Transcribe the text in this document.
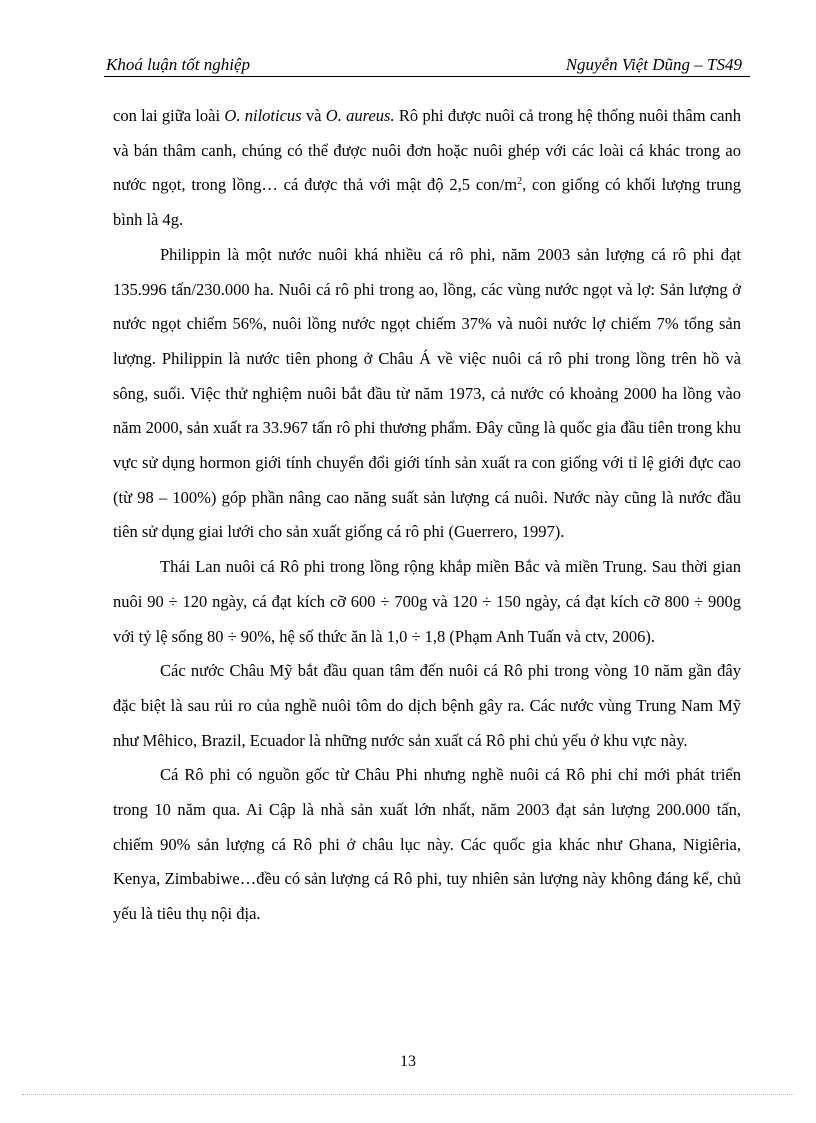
Khoá luận tốt nghiệp	Nguyễn Việt Dũng – TS49

con lai giữa loài O. niloticus và O. aureus. Rô phi được nuôi cả trong hệ thống nuôi thâm canh và bán thâm canh, chúng có thể được nuôi đơn hoặc nuôi ghép với các loài cá khác trong ao nước ngọt, trong lồng… cá được thả với mật độ 2,5 con/$m^2$, con giống có khối lượng trung bình là 4g.

Philippin là một nước nuôi khá nhiều cá rô phi, năm 2003 sản lượng cá rô phi đạt 135.996 tấn/230.000 ha. Nuôi cá rô phi trong ao, lồng, các vùng nước ngọt và lợ: Sản lượng ở nước ngọt chiếm 56%, nuôi lồng nước ngọt chiếm 37% và nuôi nước lợ chiếm 7% tổng sản lượng. Philippin là nước tiên phong ở Châu Á về việc nuôi cá rô phi trong lồng trên hồ và sông, suối. Việc thử nghiệm nuôi bắt đầu từ năm 1973, cả nước có khoảng 2000 ha lồng vào năm 2000, sản xuất ra 33.967 tấn rô phi thương phẩm. Đây cũng là quốc gia đầu tiên trong khu vực sử dụng hormon giới tính chuyển đổi giới tính sản xuất ra con giống với tỉ lệ giới đực cao (từ 98 – 100%) góp phần nâng cao năng suất sản lượng cá nuôi. Nước này cũng là nước đầu tiên sử dụng giai lưới cho sản xuất giống cá rô phi (Guerrero, 1997).

Thái Lan nuôi cá Rô phi trong lồng rộng khắp miền Bắc và miền Trung. Sau thời gian nuôi 90 ÷ 120 ngày, cá đạt kích cỡ 600 ÷ 700g và 120 ÷ 150 ngày, cá đạt kích cỡ 800 ÷ 900g với tỷ lệ sống 80 ÷ 90%, hệ số thức ăn là 1,0 ÷ 1,8 (Phạm Anh Tuấn và ctv, 2006).

Các nước Châu Mỹ bắt đầu quan tâm đến nuôi cá Rô phi trong vòng 10 năm gần đây đặc biệt là sau rủi ro của nghề nuôi tôm do dịch bệnh gây ra. Các nước vùng Trung Nam Mỹ như Mêhico, Brazil, Ecuador là những nước sản xuất cá Rô phi chủ yếu ở khu vực này.

Cá Rô phi có nguồn gốc từ Châu Phi nhưng nghề nuôi cá Rô phi chỉ mới phát triển trong 10 năm qua. Ai Cập là nhà sản xuất lớn nhất, năm 2003 đạt sản lượng 200.000 tấn, chiếm 90% sản lượng cá Rô phi ở châu lục này. Các quốc gia khác như Ghana, Nigiêria, Kenya, Zimbabiwe…đều có sản lượng cá Rô phi, tuy nhiên sản lượng này không đáng kể, chủ yếu là tiêu thụ nội địa.

13
